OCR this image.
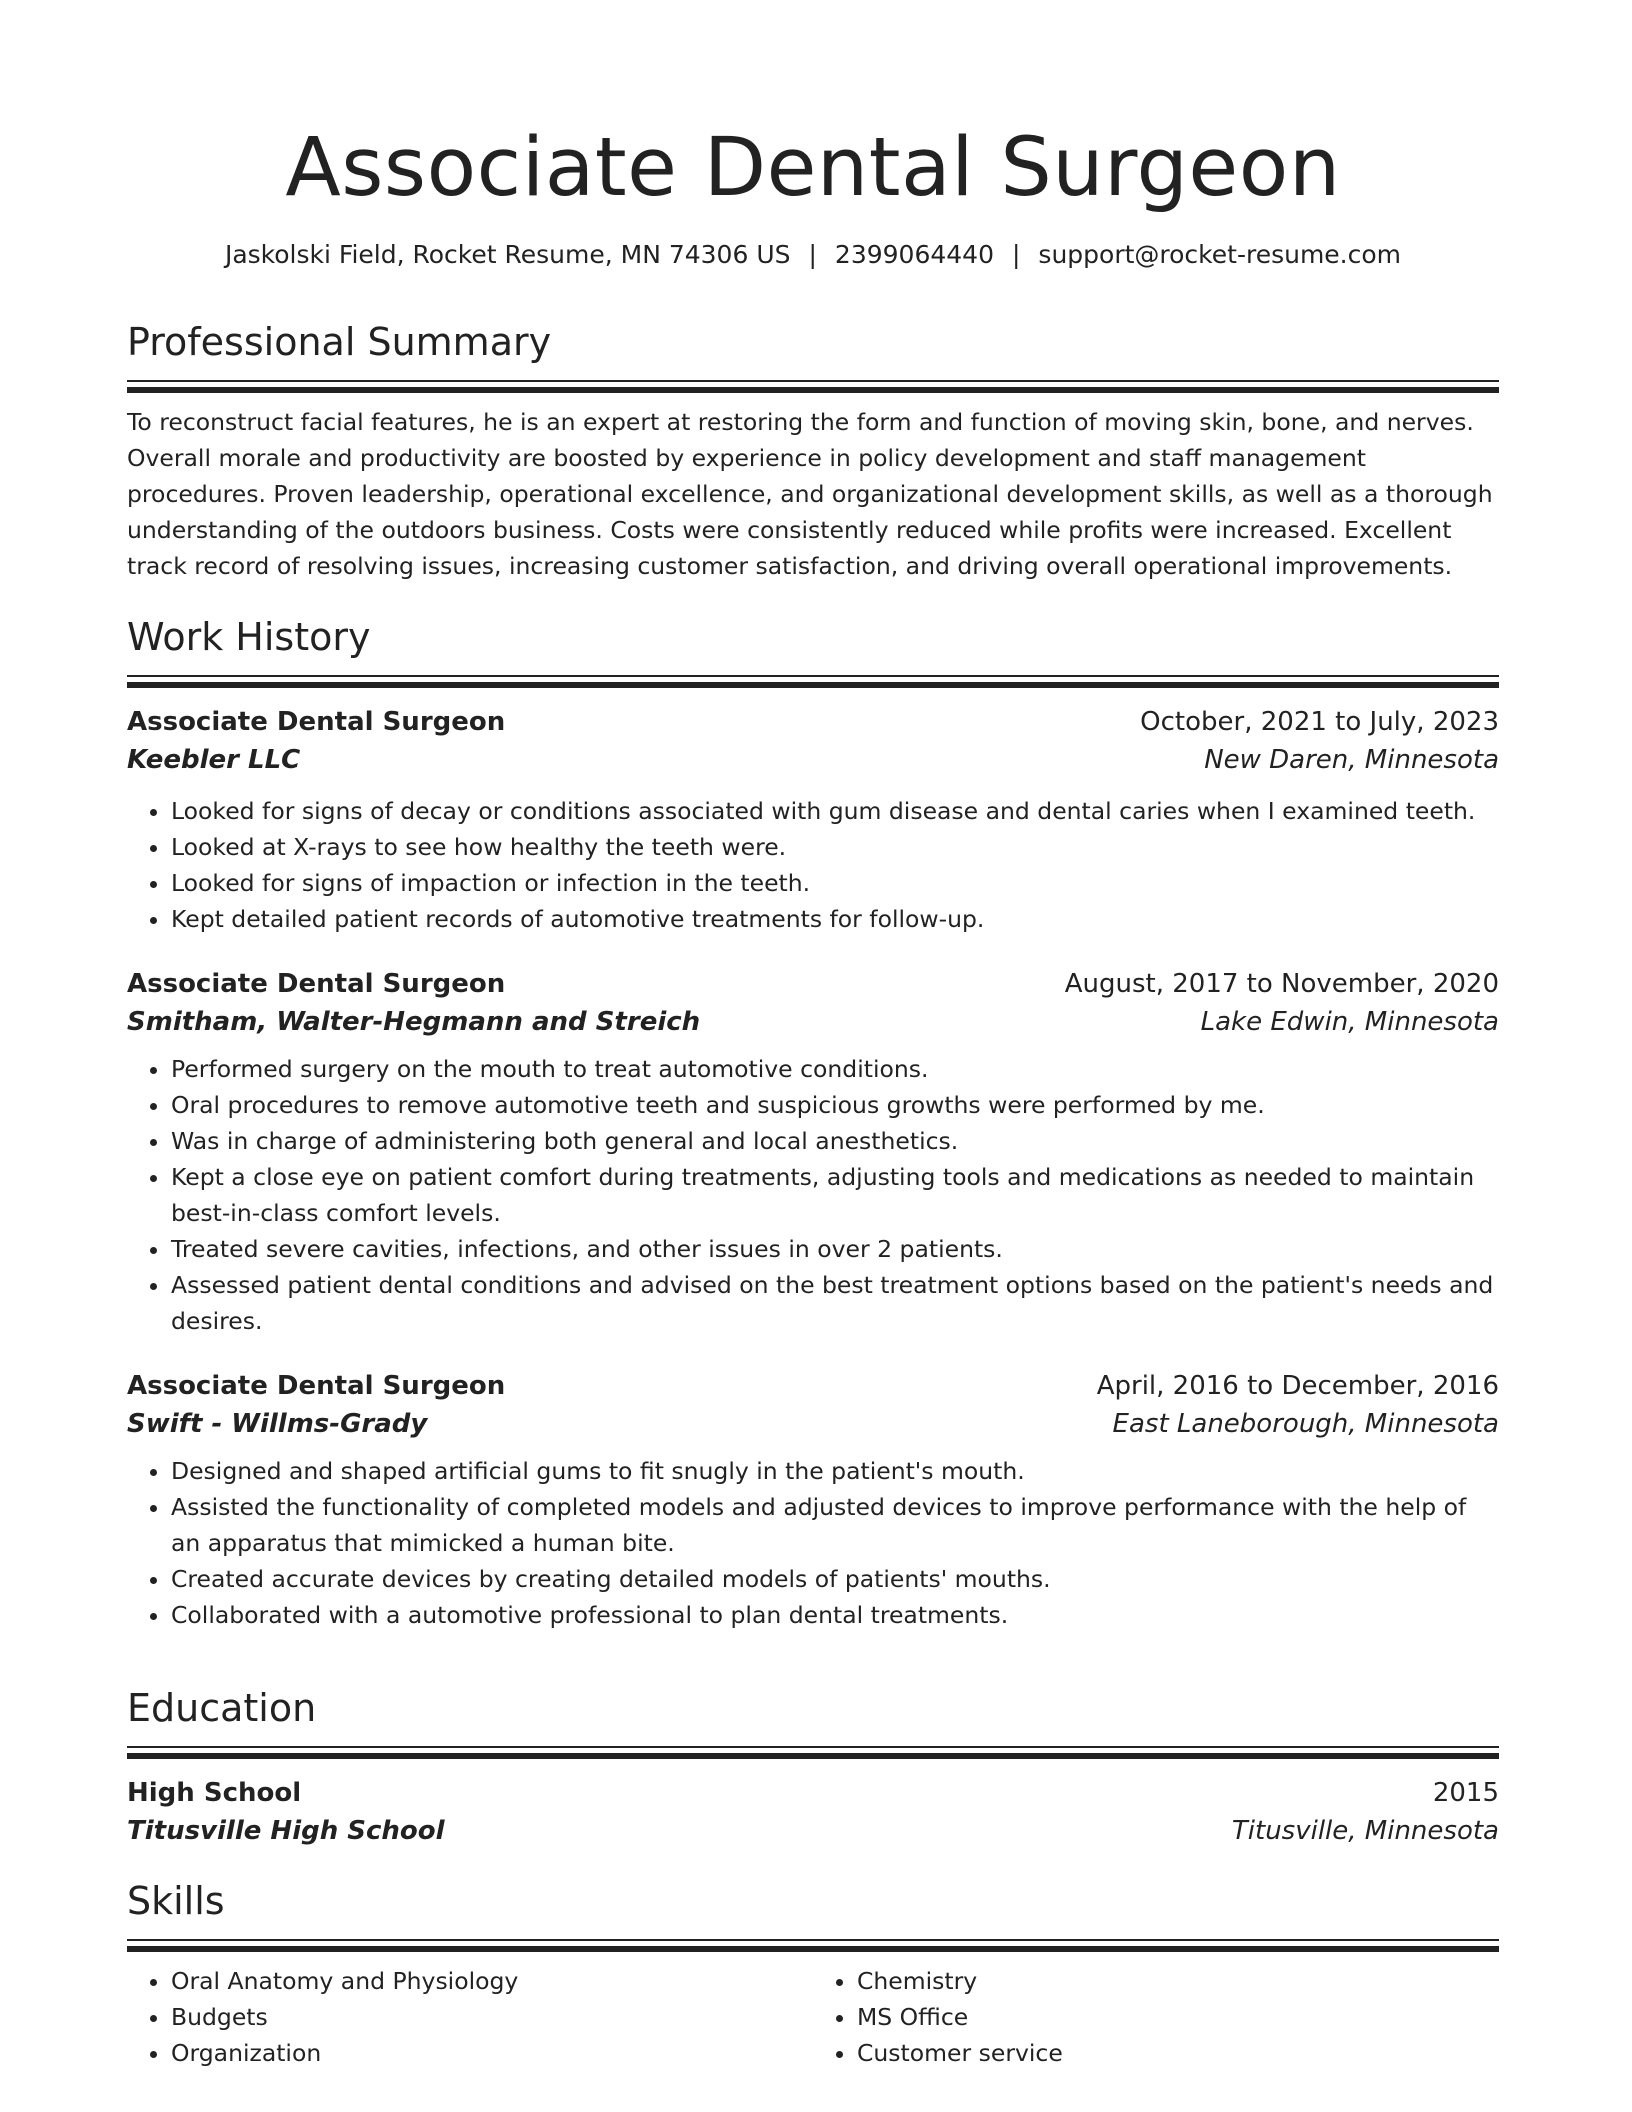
Associate Dental Surgeon
Jaskolski Field, Rocket Resume, MN 74306 US | 2399064440 | support@rocket-resume.com
Professional Summary

To reconstruct facial features, he is an expert at restoring the form and function of moving skin, bone, and nerves. Overall morale and productivity are boosted by experience in policy development and staff management procedures. Proven leadership, operational excellence, and organizational development skills, as well as a thorough understanding of the outdoors business. Costs were consistently reduced while profits were increased. Excellent track record of resolving issues, increasing customer satisfaction, and driving overall operational improvements.

Work History
Associate Dental Surgeon	October, 2021 to July, 2023
Keebler LLC	New Daren, Minnesota
• Looked for signs of decay or conditions associated with gum disease and dental caries when I examined teeth.
• Looked at X-rays to see how healthy the teeth were.
• Looked for signs of impaction or infection in the teeth.
• Kept detailed patient records of automotive treatments for follow-up.
Associate Dental Surgeon	August, 2017 to November, 2020
Smitham, Walter-Hegmann and Streich	Lake Edwin, Minnesota
• Performed surgery on the mouth to treat automotive conditions.
• Oral procedures to remove automotive teeth and suspicious growths were performed by me.
• Was in charge of administering both general and local anesthetics.
• Kept a close eye on patient comfort during treatments, adjusting tools and medications as needed to maintain best-in-class comfort levels.
• Treated severe cavities, infections, and other issues in over 2 patients.
• Assessed patient dental conditions and advised on the best treatment options based on the patient's needs and desires.
Associate Dental Surgeon	April, 2016 to December, 2016
Swift - Willms-Grady	East Laneborough, Minnesota
• Designed and shaped artificial gums to fit snugly in the patient's mouth.
• Assisted the functionality of completed models and adjusted devices to improve performance with the help of an apparatus that mimicked a human bite.
• Created accurate devices by creating detailed models of patients' mouths.
• Collaborated with a automotive professional to plan dental treatments.
Education
High School	2015
Titusville High School	Titusville, Minnesota
Skills
• Oral Anatomy and Physiology
• Budgets
• Organization
• Chemistry
• MS Office
• Customer service
